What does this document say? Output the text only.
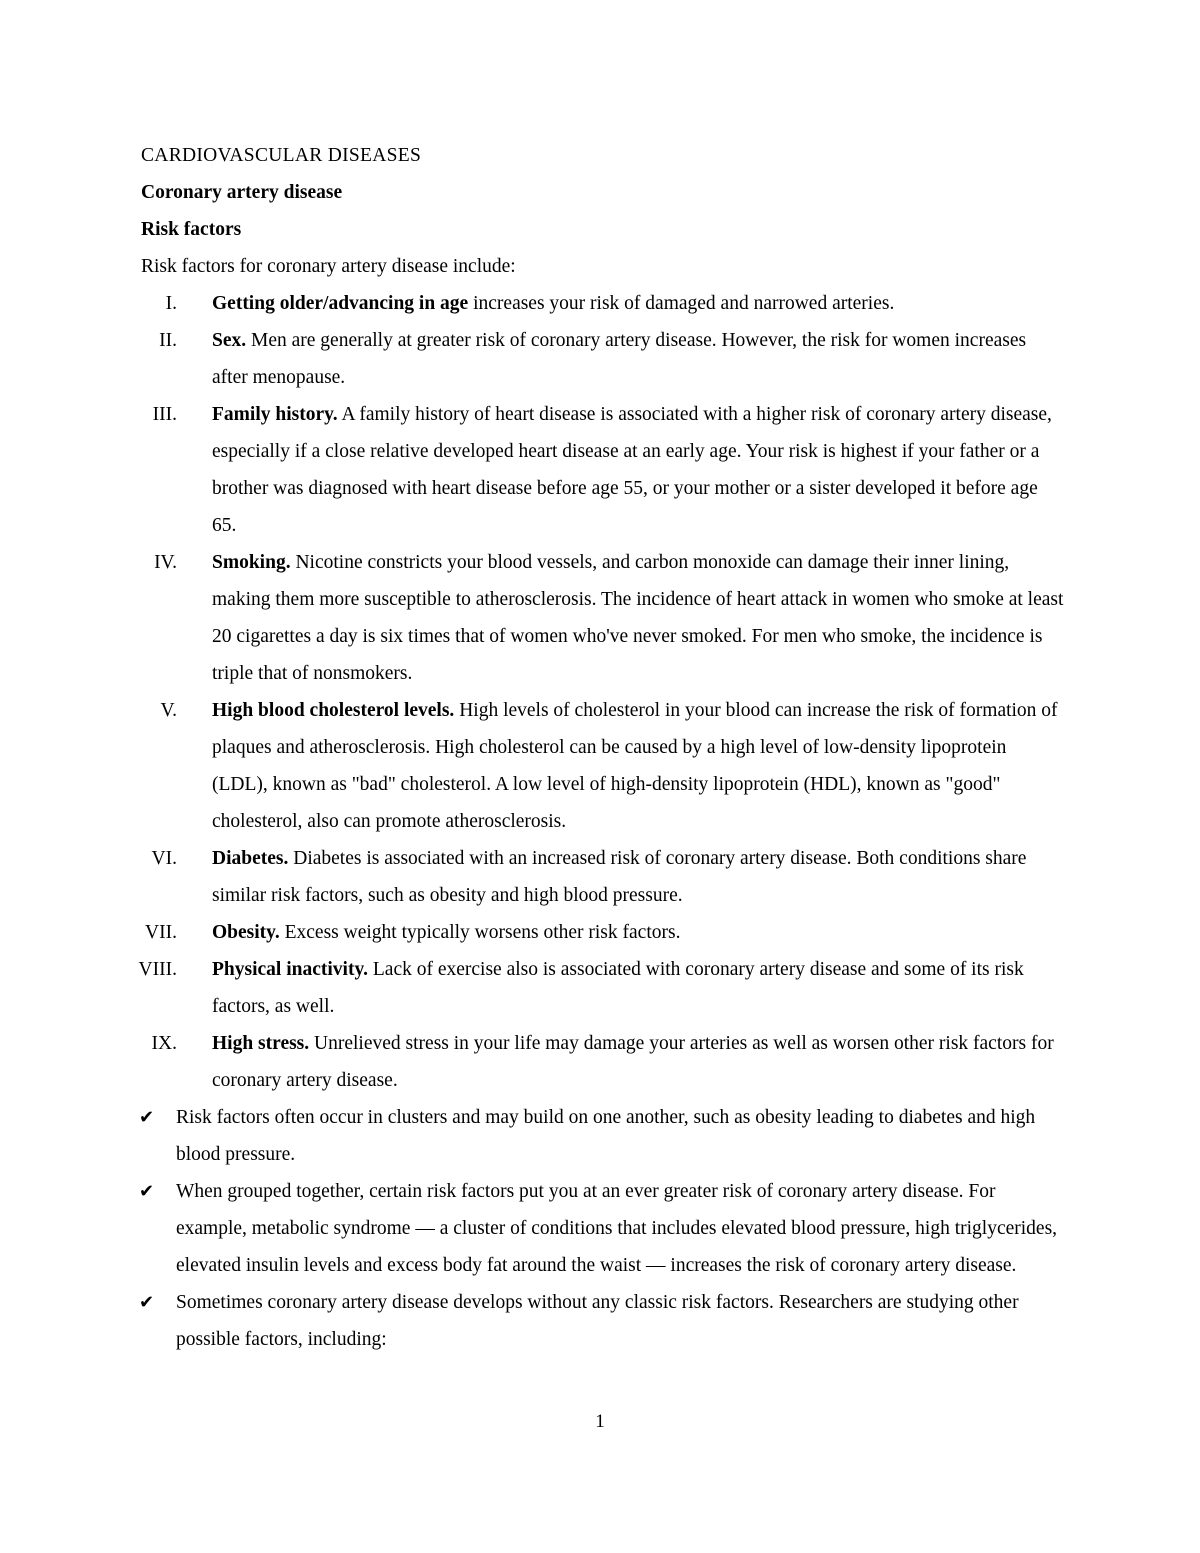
CARDIOVASCULAR DISEASES
Coronary artery disease
Risk factors

Risk factors for coronary artery disease include:

I. Getting older/advancing in age increases your risk of damaged and narrowed arteries.
II. Sex. Men are generally at greater risk of coronary artery disease. However, the risk for women increases after menopause.
III. Family history. A family history of heart disease is associated with a higher risk of coronary artery disease, especially if a close relative developed heart disease at an early age. Your risk is highest if your father or a brother was diagnosed with heart disease before age 55, or your mother or a sister developed it before age 65.
IV. Smoking. Nicotine constricts your blood vessels, and carbon monoxide can damage their inner lining, making them more susceptible to atherosclerosis. The incidence of heart attack in women who smoke at least 20 cigarettes a day is six times that of women who've never smoked. For men who smoke, the incidence is triple that of nonsmokers.
V. High blood cholesterol levels. High levels of cholesterol in your blood can increase the risk of formation of plaques and atherosclerosis. High cholesterol can be caused by a high level of low-density lipoprotein (LDL), known as "bad" cholesterol. A low level of high-density lipoprotein (HDL), known as "good" cholesterol, also can promote atherosclerosis.
VI. Diabetes. Diabetes is associated with an increased risk of coronary artery disease. Both conditions share similar risk factors, such as obesity and high blood pressure.
VII. Obesity. Excess weight typically worsens other risk factors.
VIII. Physical inactivity. Lack of exercise also is associated with coronary artery disease and some of its risk factors, as well.
IX. High stress. Unrelieved stress in your life may damage your arteries as well as worsen other risk factors for coronary artery disease.
✔ Risk factors often occur in clusters and may build on one another, such as obesity leading to diabetes and high blood pressure.
✔ When grouped together, certain risk factors put you at an ever greater risk of coronary artery disease. For example, metabolic syndrome — a cluster of conditions that includes elevated blood pressure, high triglycerides, elevated insulin levels and excess body fat around the waist — increases the risk of coronary artery disease.
✔ Sometimes coronary artery disease develops without any classic risk factors. Researchers are studying other possible factors, including:
1
